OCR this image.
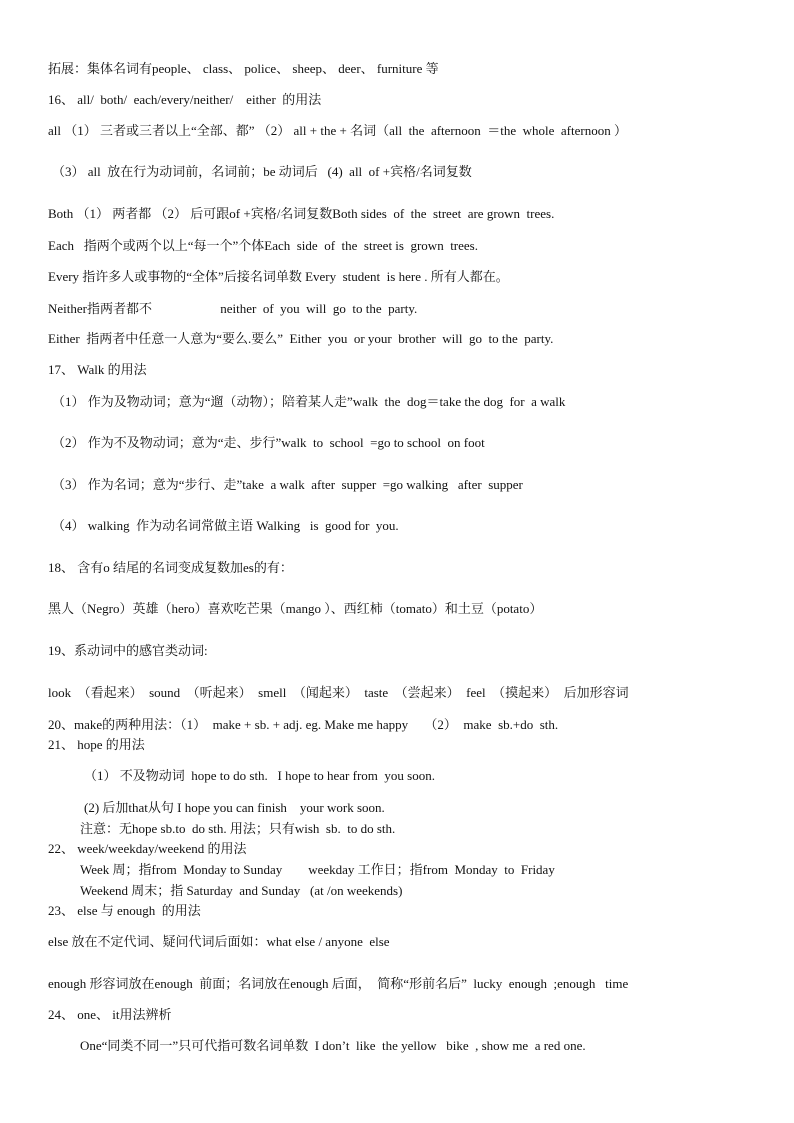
拓展：集体名词有people、 class、 police、 sheep、 deer、 furniture 等
16、 all/  both/  each/every/neither/    either  的用法
all （1） 三者或三者以上“全部、都” （2） all + the + 名词（all  the  afternoon  ＝the  whole  afternoon ）
（3） all  放在行为动词前，名词前；be 动词后   (4)  all  of +宾格/名词复数
Both （1） 两者都 （2） 后可跟of +宾格/名词复数Both sides  of  the  street  are grown  trees.
Each   指两个或两个以上“每一个”个体Each  side  of  the  street is  grown  trees.
Every 指许多人或事物的“全体”后接名词单数 Every  student  is here . 所有人都在。
Neither指两者都不                     neither  of  you  will  go  to the  party.
Either  指两者中任意一人意为“要么.要么”  Either  you  or your  brother  will  go  to the  party.
17、 Walk 的用法
（1） 作为及物动词；意为“遛（动物）；陪着某人走”walk  the  dog＝take the dog  for  a walk
（2） 作为不及物动词；意为“走、步行”walk  to  school  =go to school  on foot
（3） 作为名词；意为“步行、走”take  a walk  after  supper  =go walking   after  supper
（4） walking  作为动名词常做主语 Walking   is  good for  you.
18、 含有o 结尾的名词变成复数加es的有：
黑人（Negro）英雄（hero）喜欢吃芒果（mango ）、西红柿（tomato）和土豆（potato）
19、系动词中的感官类动词:
look  （看起来）  sound  （听起来）  smell  （闻起来）  taste  （尝起来）  feel  （摸起来）  后加形容词
20、make的两种用法：（1）  make + sb. + adj. eg. Make me happy     （2）  make  sb.+do  sth.
21、 hope 的用法
（1） 不及物动词  hope to do sth.   I hope to hear from  you soon.
(2) 后加that从句 I hope you can finish    your work soon.
注意：无hope sb.to  do sth. 用法；只有wish  sb.  to do sth.
22、 week/weekday/weekend 的用法
Week 周；指from  Monday to Sunday        weekday 工作日；指from  Monday  to  Friday
Weekend 周末；指 Saturday  and Sunday   (at /on weekends)
23、 else 与 enough  的用法
else 放在不定代词、疑问代词后面如：what else / anyone  else
enough 形容词放在enough  前面；名词放在enough 后面，  简称“形前名后”  lucky  enough  ;enough   time
24、 one、 it用法辨析
One“同类不同一”只可代指可数名词单数  I don’t  like  the yellow   bike  , show me  a red one.
